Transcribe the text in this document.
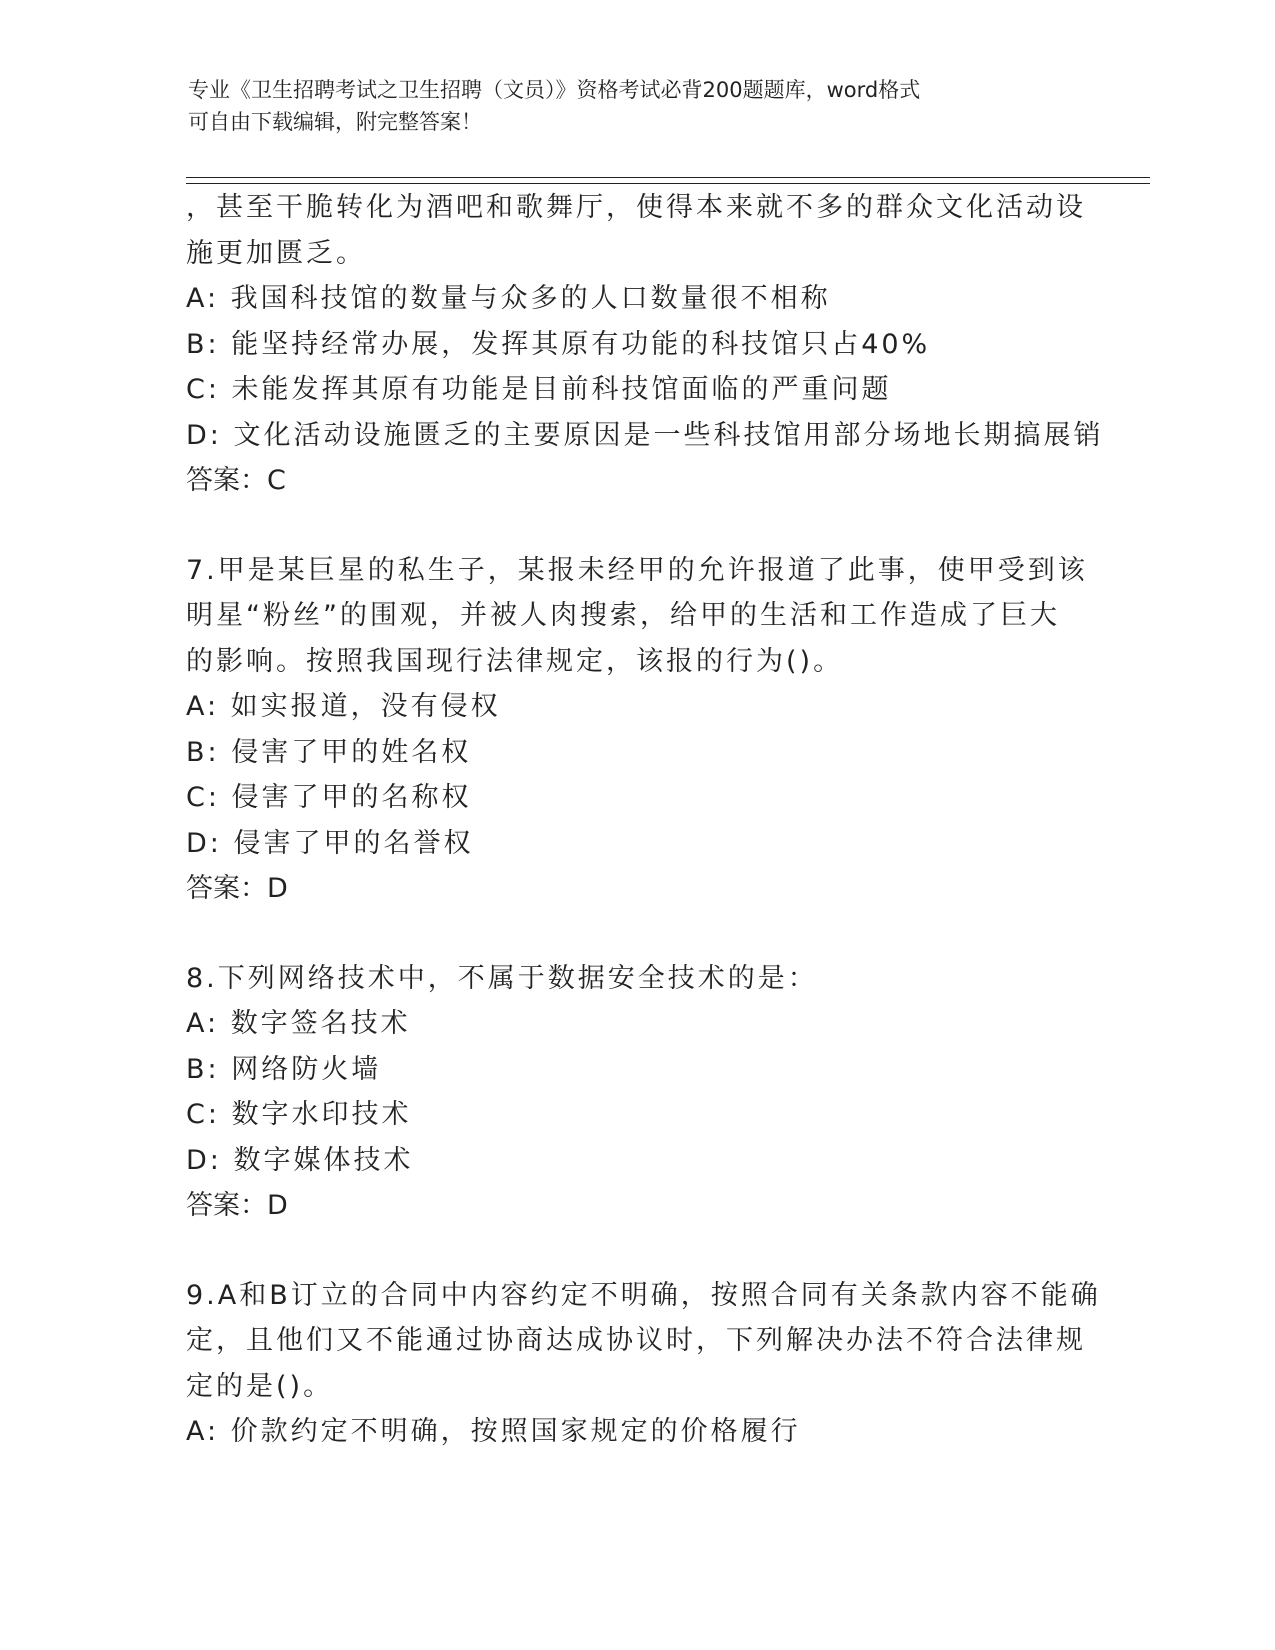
专业《卫生招聘考试之卫生招聘（文员）》资格考试必背200题题库，word格式
可自由下载编辑，附完整答案！
，甚至干脆转化为酒吧和歌舞厅，使得本来就不多的群众文化活动设
施更加匮乏。
A: 我国科技馆的数量与众多的人口数量很不相称
B: 能坚持经常办展，发挥其原有功能的科技馆只占40%
C: 未能发挥其原有功能是目前科技馆面临的严重问题
D: 文化活动设施匮乏的主要原因是一些科技馆用部分场地长期搞展销
答案：C
7.甲是某巨星的私生子，某报未经甲的允许报道了此事，使甲受到该
明星“粉丝”的围观，并被人肉搜索，给甲的生活和工作造成了巨大
的影响。按照我国现行法律规定，该报的行为()。
A: 如实报道，没有侵权
B: 侵害了甲的姓名权
C: 侵害了甲的名称权
D: 侵害了甲的名誉权
答案：D
8.下列网络技术中，不属于数据安全技术的是：
A: 数字签名技术
B: 网络防火墙
C: 数字水印技术
D: 数字媒体技术
答案：D
9.A和B订立的合同中内容约定不明确，按照合同有关条款内容不能确
定，且他们又不能通过协商达成协议时，下列解决办法不符合法律规
定的是()。
A: 价款约定不明确，按照国家规定的价格履行
